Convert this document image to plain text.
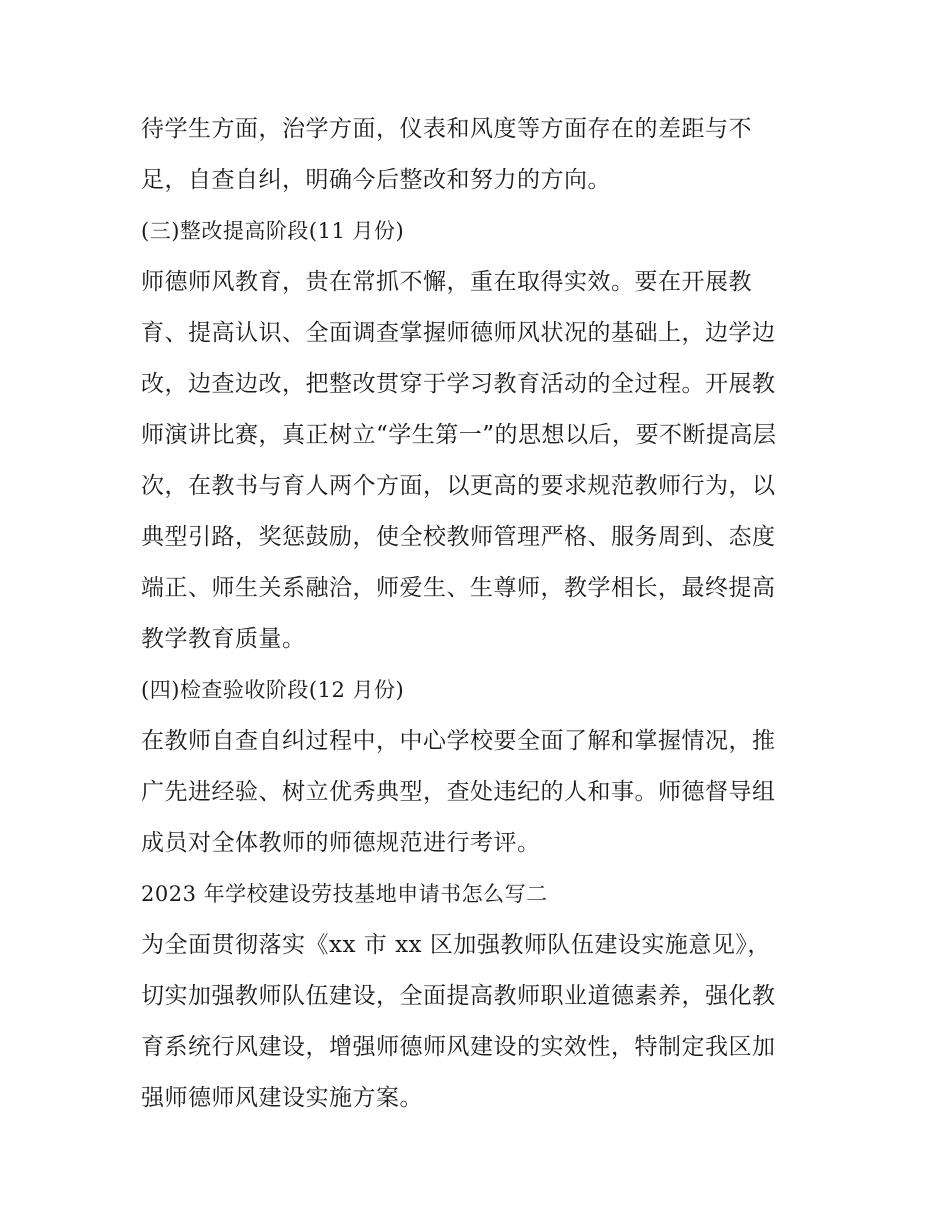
待学生方面，治学方面，仪表和风度等方面存在的差距与不
足，自查自纠，明确今后整改和努力的方向。
(三)整改提高阶段(11 月份)
师德师风教育，贵在常抓不懈，重在取得实效。要在开展教
育、提高认识、全面调查掌握师德师风状况的基础上，边学边
改，边查边改，把整改贯穿于学习教育活动的全过程。开展教
师演讲比赛，真正树立“学生第一”的思想以后，要不断提高层
次，在教书与育人两个方面，以更高的要求规范教师行为，以
典型引路，奖惩鼓励，使全校教师管理严格、服务周到、态度
端正、师生关系融洽，师爱生、生尊师，教学相长，最终提高
教学教育质量。
(四)检查验收阶段(12 月份)
在教师自查自纠过程中，中心学校要全面了解和掌握情况，推
广先进经验、树立优秀典型，查处违纪的人和事。师德督导组
成员对全体教师的师德规范进行考评。
2023 年学校建设劳技基地申请书怎么写二
为全面贯彻落实《xx 市 xx 区加强教师队伍建设实施意见》，
切实加强教师队伍建设，全面提高教师职业道德素养，强化教
育系统行风建设，增强师德师风建设的实效性，特制定我区加
强师德师风建设实施方案。
